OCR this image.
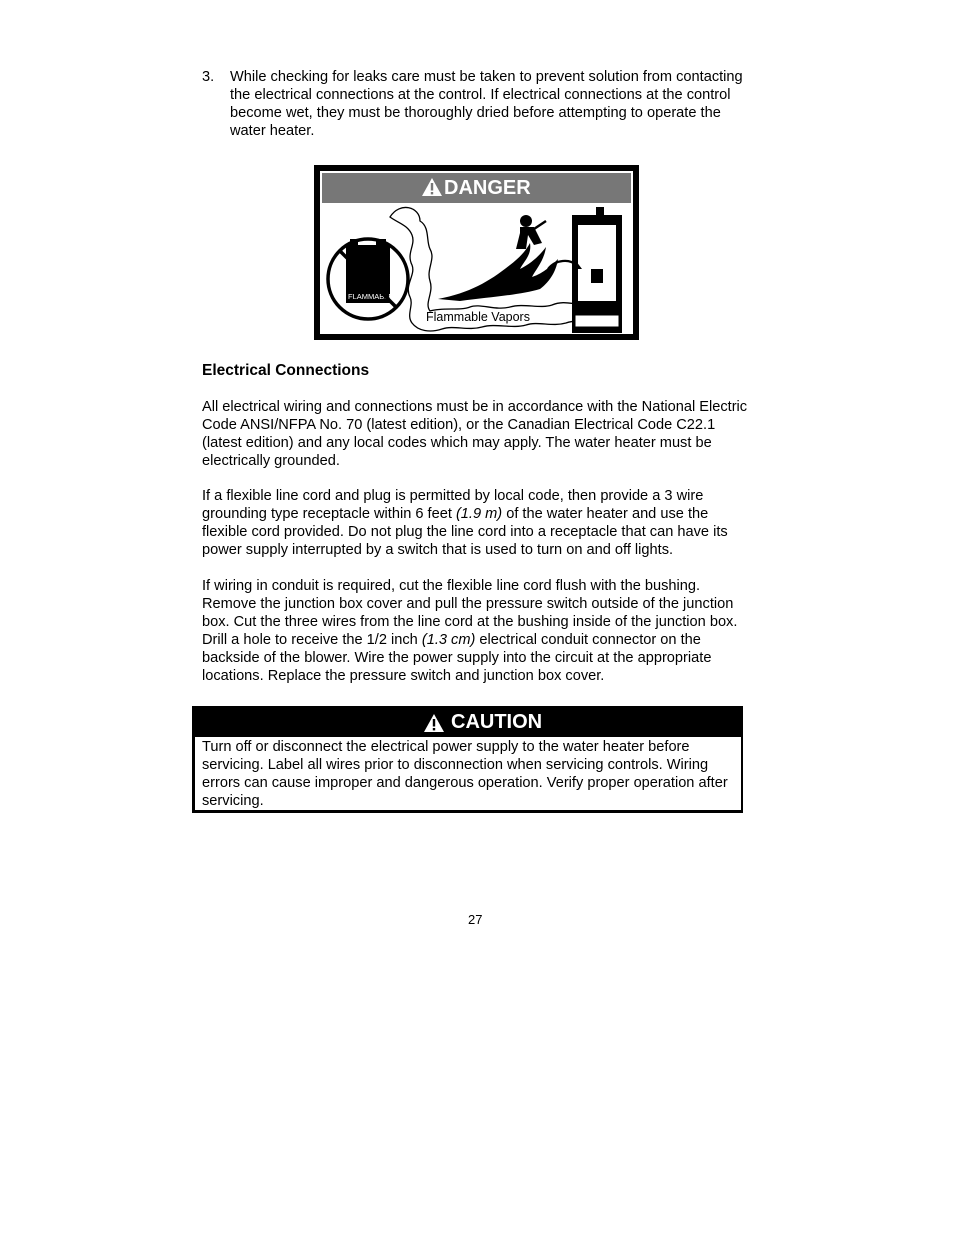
3. While checking for leaks care must be taken to prevent solution from contacting the electrical connections at the control. If electrical connections at the control become wet, they must be thoroughly dried before attempting to operate the water heater.
DANGER
FLAMMABLE
Flammable Vapors
Electrical Connections
All electrical wiring and connections must be in accordance with the National Electric Code ANSI/NFPA No. 70 (latest edition), or the Canadian Electrical Code C22.1 (latest edition) and any local codes which may apply. The water heater must be electrically grounded.
If a flexible line cord and plug is permitted by local code, then provide a 3 wire grounding type receptacle within 6 feet (1.9 m) of the water heater and use the flexible cord provided. Do not plug the line cord into a receptacle that can have its power supply interrupted by a switch that is used to turn on and off lights.
If wiring in conduit is required, cut the flexible line cord flush with the bushing. Remove the junction box cover and pull the pressure switch outside of the junction box. Cut the three wires from the line cord at the bushing inside of the junction box. Drill a hole to receive the 1/2 inch (1.3 cm) electrical conduit connector on the backside of the blower. Wire the power supply into the circuit at the appropriate locations. Replace the pressure switch and junction box cover.
CAUTION
Turn off or disconnect the electrical power supply to the water heater before servicing. Label all wires prior to disconnection when servicing controls. Wiring errors can cause improper and dangerous operation. Verify proper operation after servicing.
27
